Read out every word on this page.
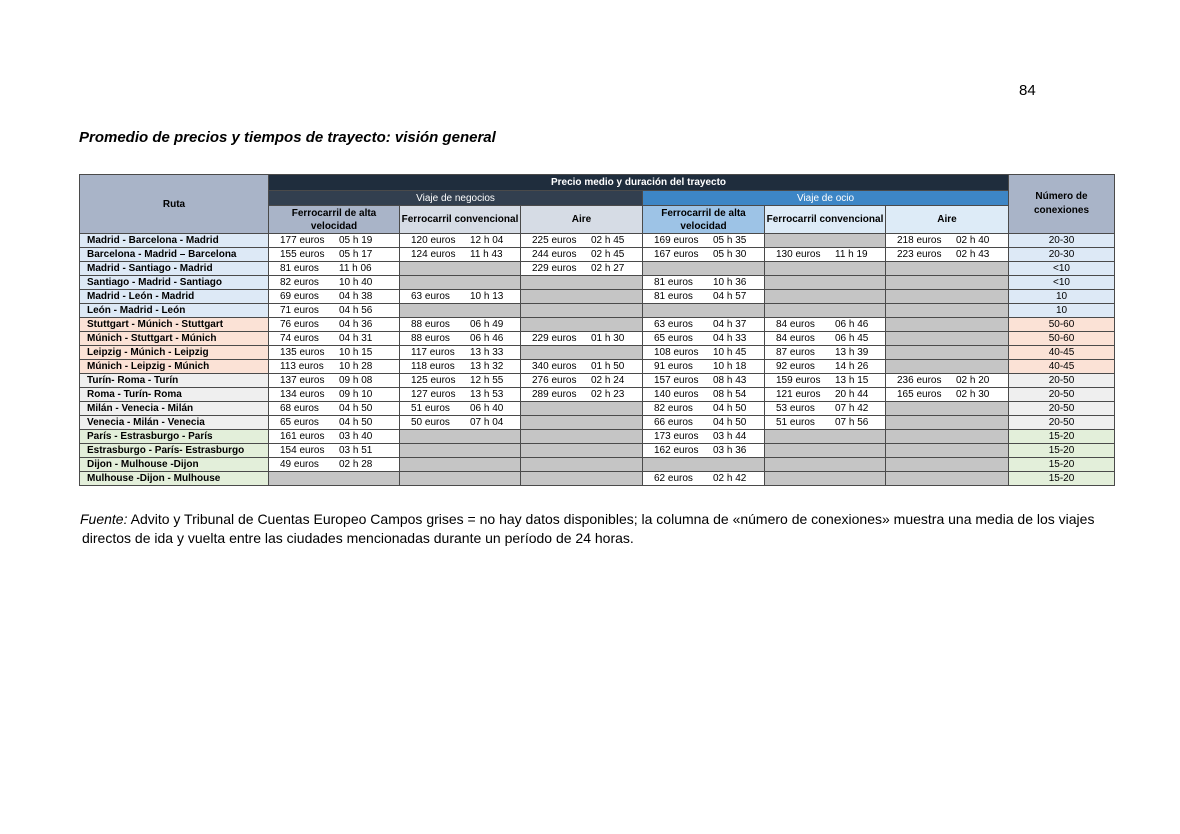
84
Promedio de precios y tiempos de trayecto: visión general
Ruta	Precio medio y duración del trayecto						Número de conexiones
	Viaje de negocios			Viaje de ocio			
	Ferrocarril de alta velocidad	Ferrocarril convencional	Aire	Ferrocarril de alta velocidad	Ferrocarril convencional	Aire	
Madrid - Barcelona - Madrid	177 euros 05 h 19	120 euros 12 h 04	225 euros 02 h 45	169 euros 05 h 35		218 euros 02 h 40	20-30
Barcelona - Madrid – Barcelona	155 euros 05 h 17	124 euros 11 h 43	244 euros 02 h 45	167 euros 05 h 30	130 euros 11 h 19	223 euros 02 h 43	20-30
Madrid - Santiago - Madrid	81 euros 11 h 06		229 euros 02 h 27				<10
Santiago - Madrid - Santiago	82 euros 10 h 40			81 euros 10 h 36			<10
Madrid - León - Madrid	69 euros 04 h 38	63 euros 10 h 13		81 euros 04 h 57			10
León - Madrid - León	71 euros 04 h 56						10
Stuttgart - Múnich - Stuttgart	76 euros 04 h 36	88 euros 06 h 49		63 euros 04 h 37	84 euros 06 h 46		50-60
Múnich - Stuttgart - Múnich	74 euros 04 h 31	88 euros 06 h 46	229 euros 01 h 30	65 euros 04 h 33	84 euros 06 h 45		50-60
Leipzig - Múnich - Leipzig	135 euros 10 h 15	117 euros 13 h 33		108 euros 10 h 45	87 euros 13 h 39		40-45
Múnich - Leipzig - Múnich	113 euros 10 h 28	118 euros 13 h 32	340 euros 01 h 50	91 euros 10 h 18	92 euros 14 h 26		40-45
Turín- Roma - Turín	137 euros 09 h 08	125 euros 12 h 55	276 euros 02 h 24	157 euros 08 h 43	159 euros 13 h 15	236 euros 02 h 20	20-50
Roma - Turín- Roma	134 euros 09 h 10	127 euros 13 h 53	289 euros 02 h 23	140 euros 08 h 54	121 euros 20 h 44	165 euros 02 h 30	20-50
Milán - Venecia - Milán	68 euros 04 h 50	51 euros 06 h 40		82 euros 04 h 50	53 euros 07 h 42		20-50
Venecia - Milán - Venecia	65 euros 04 h 50	50 euros 07 h 04		66 euros 04 h 50	51 euros 07 h 56		20-50
París - Estrasburgo - París	161 euros 03 h 40			173 euros 03 h 44			15-20
Estrasburgo - París- Estrasburgo	154 euros 03 h 51			162 euros 03 h 36			15-20
Dijon - Mulhouse -Dijon	49 euros 02 h 28						15-20
Mulhouse -Dijon - Mulhouse				62 euros 02 h 42			15-20
Fuente: Advito y Tribunal de Cuentas Europeo Campos grises = no hay datos disponibles; la columna de «número de conexiones» muestra una media de los viajes
directos de ida y vuelta entre las ciudades mencionadas durante un período de 24 horas.
